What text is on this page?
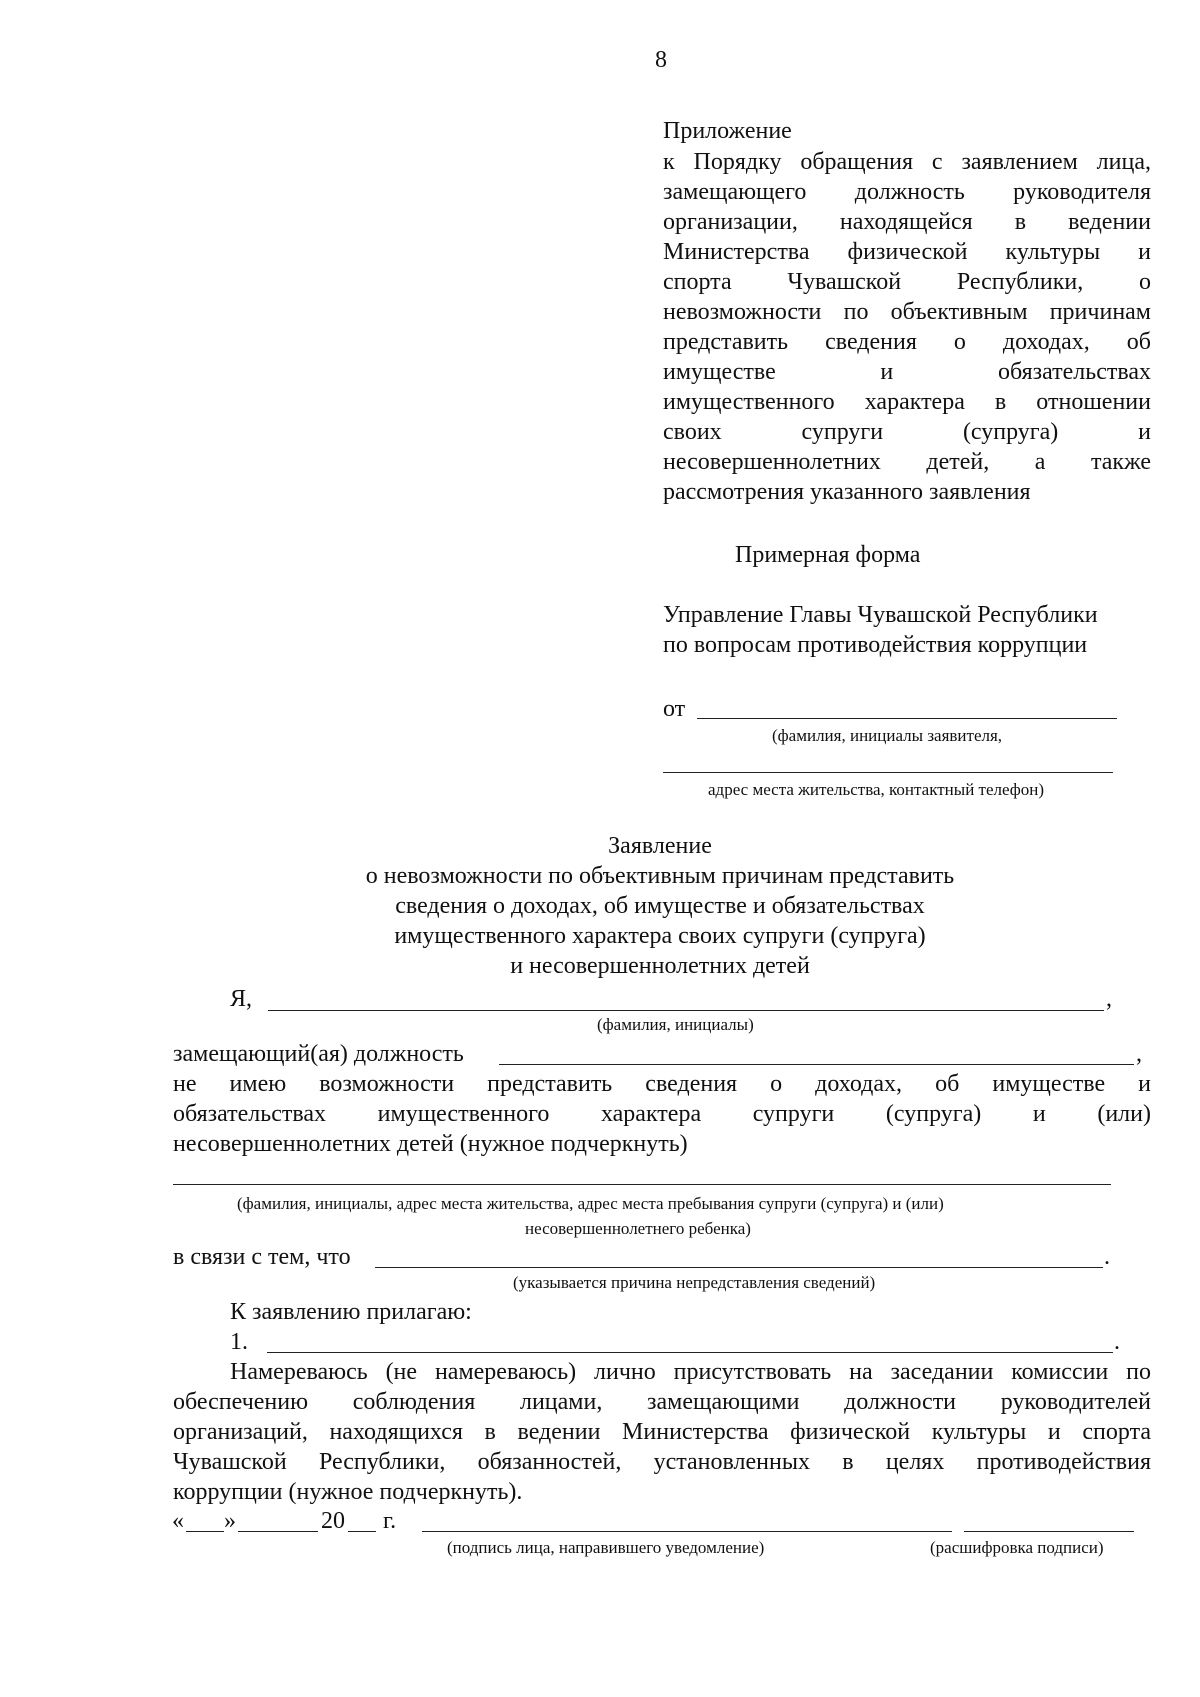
8
Приложение
к Порядку обращения с заявлением лица,
замещающего должность руководителя
организации, находящейся в ведении
Министерства физической культуры и
спорта Чувашской Республики, о
невозможности по объективным причинам
представить сведения о доходах, об
имуществе и обязательствах
имущественного характера в отношении
своих супруги (супруга) и
несовершеннолетних детей, а также
рассмотрения указанного заявления
Примерная форма
Управление Главы Чувашской Республики
по вопросам противодействия коррупции
от
(фамилия, инициалы заявителя,
адрес места жительства, контактный телефон)
Заявление
о невозможности по объективным причинам представить
сведения о доходах, об имуществе и обязательствах
имущественного характера своих супруги (супруга)
и несовершеннолетних детей
Я,	,
(фамилия, инициалы)
замещающий(ая) должность	,
не имею возможности представить сведения о доходах, об имуществе и
обязательствах имущественного характера супруги (супруга) и (или)
несовершеннолетних детей (нужное подчеркнуть)
(фамилия, инициалы, адрес места жительства, адрес места пребывания супруги (супруга) и (или)
несовершеннолетнего ребенка)
в связи с тем, что	.
(указывается причина непредставления сведений)
К заявлению прилагаю:
1.	.
Намереваюсь (не намереваюсь) лично присутствовать на заседании комиссии по
обеспечению соблюдения лицами, замещающими должности руководителей
организаций, находящихся в ведении Министерства физической культуры и спорта
Чувашской Республики, обязанностей, установленных в целях противодействия
коррупции (нужное подчеркнуть).
« »	20 г.
(подпись лица, направившего уведомление)	(расшифровка подписи)
